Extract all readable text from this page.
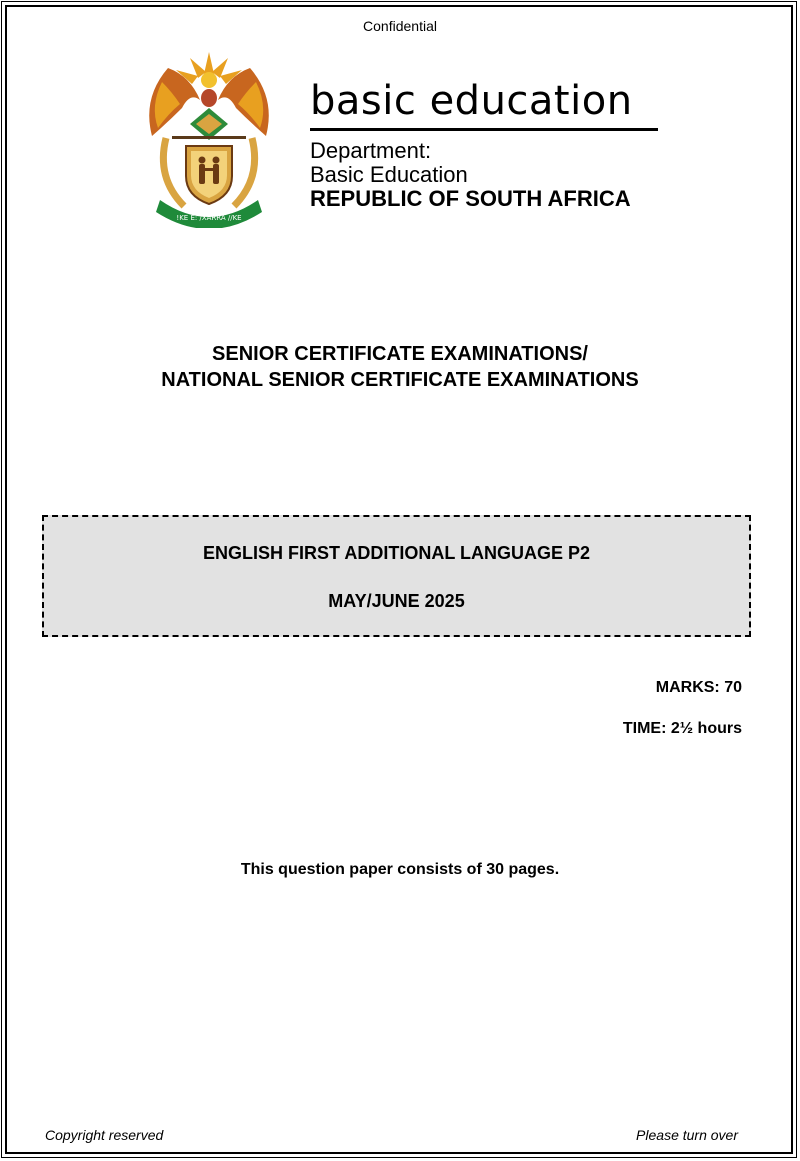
Confidential
!KE E: /XARRA //KE
basic education
Department:
Basic Education
REPUBLIC OF SOUTH AFRICA
SENIOR CERTIFICATE EXAMINATIONS/
NATIONAL SENIOR CERTIFICATE EXAMINATIONS
ENGLISH FIRST ADDITIONAL LANGUAGE P2
MAY/JUNE 2025
MARKS: 70
TIME: 2½ hours
This question paper consists of 30 pages.
Copyright reserved	Please turn over
